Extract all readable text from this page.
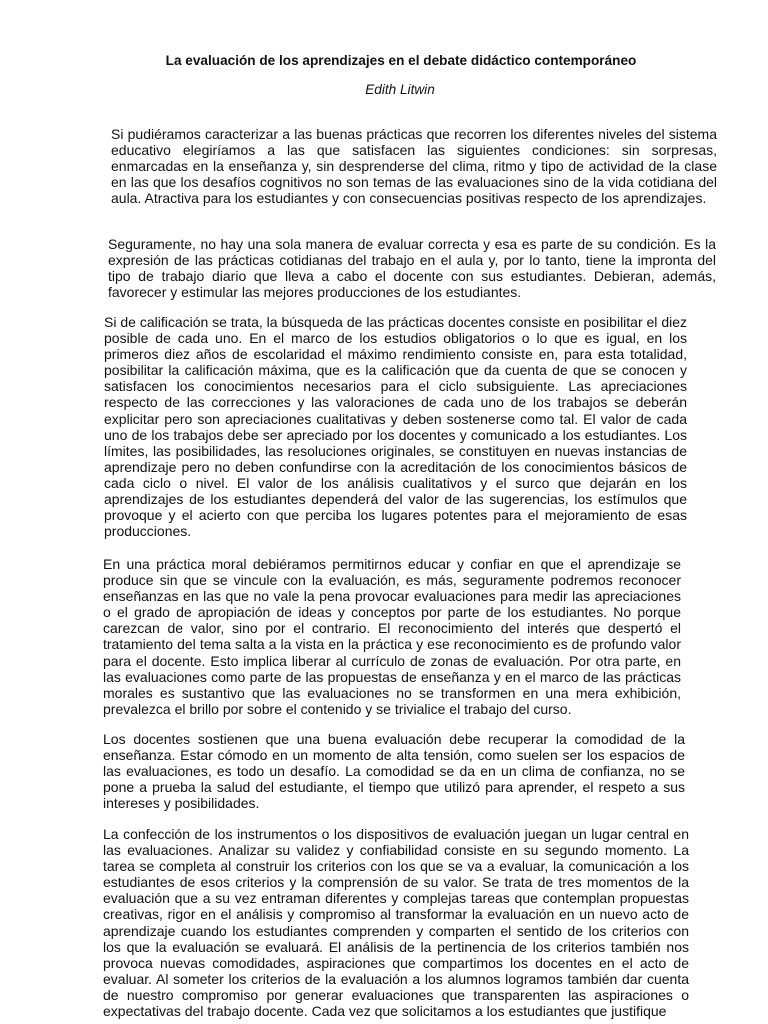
La evaluación de los aprendizajes en el debate didáctico contemporáneo

Edith Litwin

Si pudiéramos caracterizar a las buenas prácticas que recorren los diferentes niveles del sistema educativo elegiríamos a las que satisfacen las siguientes condiciones: sin sorpresas, enmarcadas en la enseñanza y, sin desprenderse del clima, ritmo y tipo de actividad de la clase en las que los desafíos cognitivos no son temas de las evaluaciones sino de la vida cotidiana del aula. Atractiva para los estudiantes y con consecuencias positivas respecto de los aprendizajes.

Seguramente, no hay una sola manera de evaluar correcta y esa es parte de su condición. Es la expresión de las prácticas cotidianas del trabajo en el aula y, por lo tanto, tiene la impronta del tipo de trabajo diario que lleva a cabo el docente con sus estudiantes. Debieran, además, favorecer y estimular las mejores producciones de los estudiantes.

Si de calificación se trata, la búsqueda de las prácticas docentes consiste en posibilitar el diez posible de cada uno. En el marco de los estudios obligatorios o lo que es igual, en los primeros diez años de escolaridad el máximo rendimiento consiste en, para esta totalidad, posibilitar la calificación máxima, que es la calificación que da cuenta de que se conocen y satisfacen los conocimientos necesarios para el ciclo subsiguiente. Las apreciaciones respecto de las correcciones y las valoraciones de cada uno de los trabajos se deberán explicitar pero son apreciaciones cualitativas y deben sostenerse como tal. El valor de cada uno de los trabajos debe ser apreciado por los docentes y comunicado a los estudiantes. Los límites, las posibilidades, las resoluciones originales, se constituyen en nuevas instancias de aprendizaje pero no deben confundirse con la acreditación de los conocimientos básicos de cada ciclo o nivel. El valor de los análisis cualitativos y el surco que dejarán en los aprendizajes de los estudiantes dependerá del valor de las sugerencias, los estímulos que provoque y el acierto con que perciba los lugares potentes para el mejoramiento de esas producciones.

En una práctica moral debiéramos permitirnos educar y confiar en que el aprendizaje se produce sin que se vincule con la evaluación, es más, seguramente podremos reconocer enseñanzas en las que no vale la pena provocar evaluaciones para medir las apreciaciones o el grado de apropiación de ideas y conceptos por parte de los estudiantes. No porque carezcan de valor, sino por el contrario. El reconocimiento del interés que despertó el tratamiento del tema salta a la vista en la práctica y ese reconocimiento es de profundo valor para el docente. Esto implica liberar al currículo de zonas de evaluación. Por otra parte, en las evaluaciones como parte de las propuestas de enseñanza y en el marco de las prácticas morales es sustantivo que las evaluaciones no se transformen en una mera exhibición, prevalezca el brillo por sobre el contenido y se trivialice el trabajo del curso.

Los docentes sostienen que una buena evaluación debe recuperar la comodidad de la enseñanza. Estar cómodo en un momento de alta tensión, como suelen ser los espacios de las evaluaciones, es todo un desafío. La comodidad se da en un clima de confianza, no se pone a prueba la salud del estudiante, el tiempo que utilizó para aprender, el respeto a sus intereses y posibilidades.

La confección de los instrumentos o los dispositivos de evaluación juegan un lugar central en las evaluaciones. Analizar su validez y confiabilidad consiste en su segundo momento. La tarea se completa al construir los criterios con los que se va a evaluar, la comunicación a los estudiantes de esos criterios y la comprensión de su valor. Se trata de tres momentos de la evaluación que a su vez entraman diferentes y complejas tareas que contemplan propuestas creativas, rigor en el análisis y compromiso al transformar la evaluación en un nuevo acto de aprendizaje cuando los estudiantes comprenden y comparten el sentido de los criterios con los que la evaluación se evaluará. El análisis de la pertinencia de los criterios también nos provoca nuevas comodidades, aspiraciones que compartimos los docentes en el acto de evaluar. Al someter los criterios de la evaluación a los alumnos logramos también dar cuenta de nuestro compromiso por generar evaluaciones que transparenten las aspiraciones o expectativas del trabajo docente. Cada vez que solicitamos a los estudiantes que justifique
